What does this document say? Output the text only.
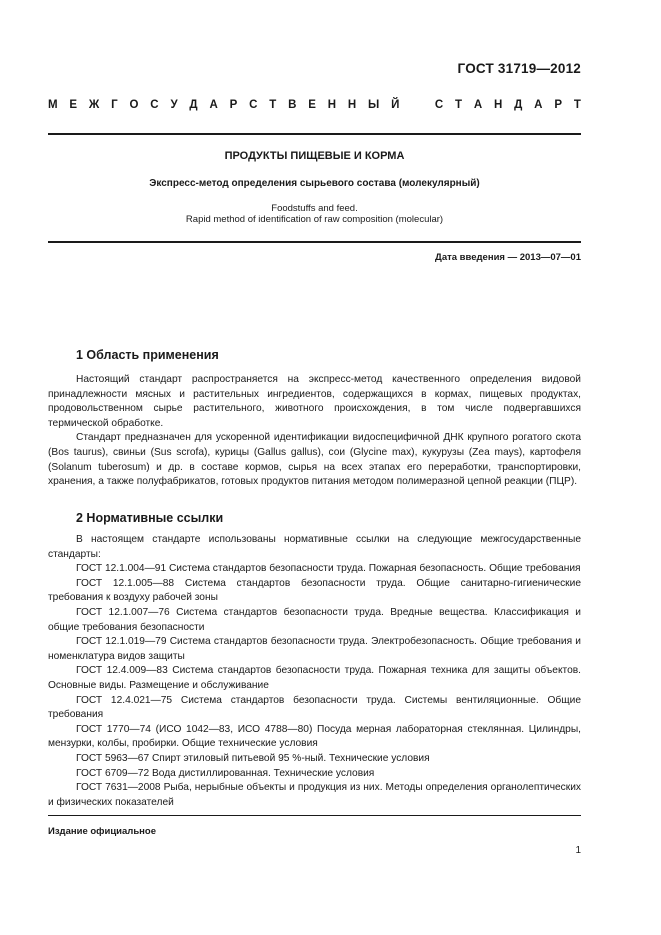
ГОСТ 31719—2012
М Е Ж Г О С У Д А Р С Т В Е Н Н Ы Й	С Т А Н Д А Р Т
ПРОДУКТЫ ПИЩЕВЫЕ И КОРМА
Экспресс-метод определения сырьевого состава (молекулярный)
Foodstuffs and feed.
Rapid method of identification of raw composition (molecular)
Дата введения — 2013—07—01
1 Область применения

Настоящий стандарт распространяется на экспресс-метод качественного определения видовой принадлежности мясных и растительных ингредиентов, содержащихся в кормах, пищевых продуктах, продовольственном сырье растительного, животного происхождения, в том числе подвергавшихся термической обработке.

Стандарт предназначен для ускоренной идентификации видоспецифичной ДНК крупного рогатого скота (Bos taurus), свиньи (Sus scrofa), курицы (Gallus gallus), сои (Glycine max), кукурузы (Zea mays), картофеля (Solanum tuberosum) и др. в составе кормов, сырья на всех этапах его переработки, транспортировки, хранения, а также полуфабрикатов, готовых продуктов питания методом полимеразной цепной реакции (ПЦР).

2 Нормативные ссылки

В настоящем стандарте использованы нормативные ссылки на следующие межгосударственные стандарты:

ГОСТ 12.1.004—91 Система стандартов безопасности труда. Пожарная безопасность. Общие требования

ГОСТ 12.1.005—88 Система стандартов безопасности труда. Общие санитарно-гигиенические требования к воздуху рабочей зоны

ГОСТ 12.1.007—76 Система стандартов безопасности труда. Вредные вещества. Классификация и общие требования безопасности

ГОСТ 12.1.019—79 Система стандартов безопасности труда. Электробезопасность. Общие требования и номенклатура видов защиты

ГОСТ 12.4.009—83 Система стандартов безопасности труда. Пожарная техника для защиты объектов. Основные виды. Размещение и обслуживание

ГОСТ 12.4.021—75 Система стандартов безопасности труда. Системы вентиляционные. Общие требования

ГОСТ 1770—74 (ИСО 1042—83, ИСО 4788—80) Посуда мерная лабораторная стеклянная. Цилиндры, мензурки, колбы, пробирки. Общие технические условия

ГОСТ 5963—67 Спирт этиловый питьевой 95 %-ный. Технические условия

ГОСТ 6709—72 Вода дистиллированная. Технические условия

ГОСТ 7631—2008 Рыба, нерыбные объекты и продукция из них. Методы определения органолептических и физических показателей

Издание официальное
1
